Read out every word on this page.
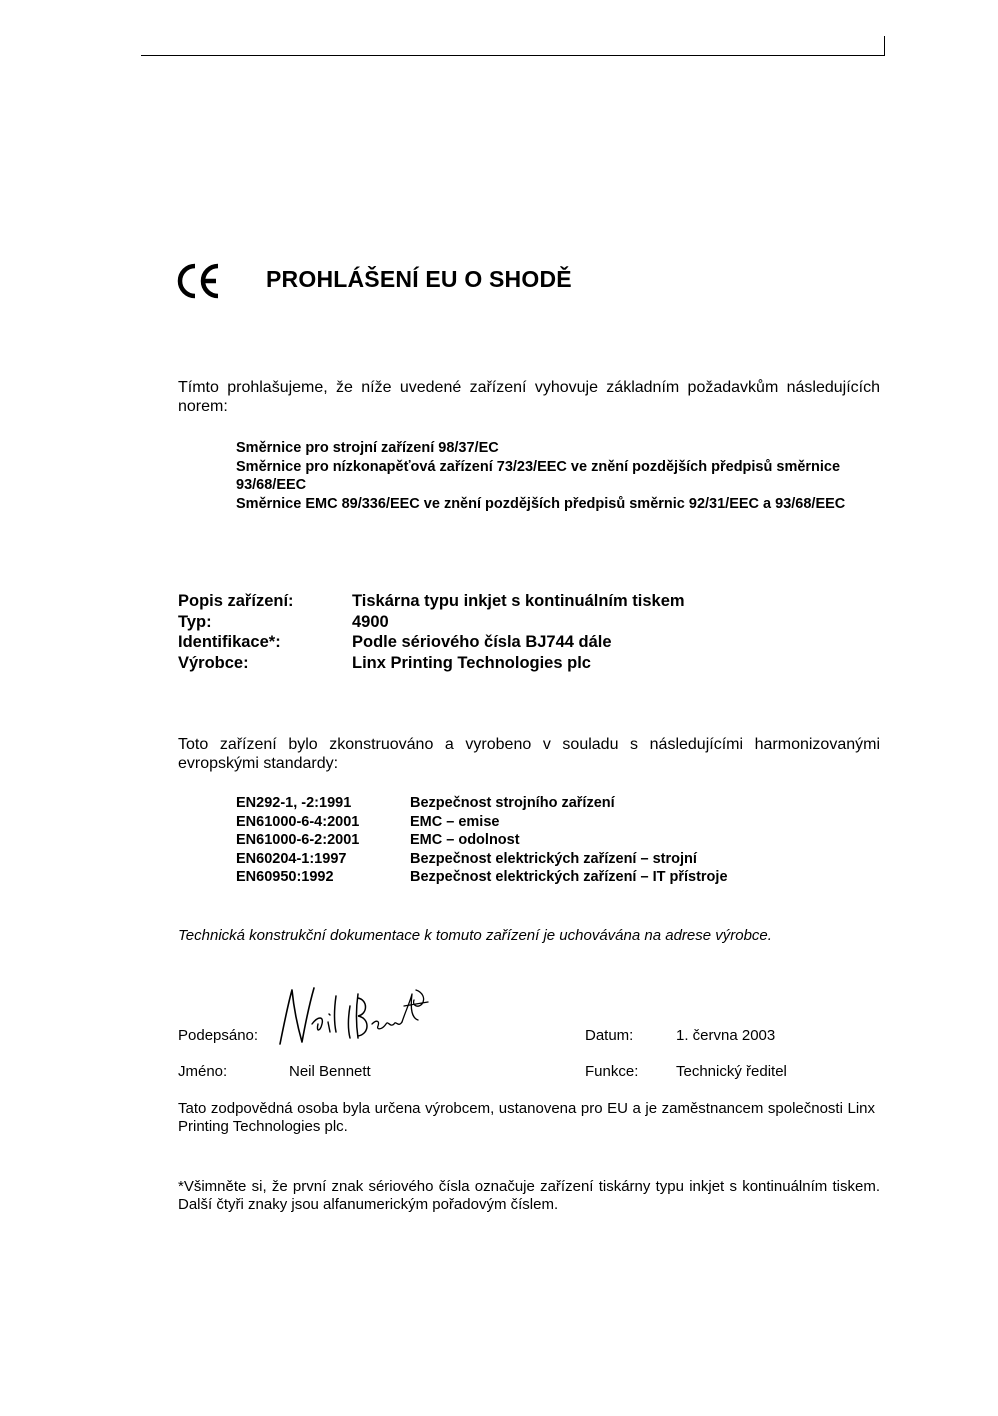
PROHLÁŠENÍ EU O SHODĚ
Tímto prohlašujeme, že níže uvedené zařízení vyhovuje základním požadavkům následujících norem:
Směrnice pro strojní zařízení 98/37/EC
Směrnice pro nízkonapěťová zařízení 73/23/EEC ve znění pozdějších předpisů směrnice 93/68/EEC
Směrnice EMC 89/336/EEC ve znění pozdějších předpisů směrnic 92/31/EEC a 93/68/EEC
Popis zařízení:	Tiskárna typu inkjet s kontinuálním tiskem
Typ:	4900
Identifikace*:	Podle sériového čísla BJ744 dále
Výrobce:	Linx Printing Technologies plc
Toto zařízení bylo zkonstruováno a vyrobeno v souladu s následujícími harmonizovanými evropskými standardy:
EN292-1, -2:1991	Bezpečnost strojního zařízení
EN61000-6-4:2001	EMC – emise
EN61000-6-2:2001	EMC – odolnost
EN60204-1:1997	Bezpečnost elektrických zařízení – strojní
EN60950:1992	Bezpečnost elektrických zařízení – IT přístroje
Technická konstrukční dokumentace k tomuto zařízení je uchovávána na adrese výrobce.
Podepsáno:	Datum:	1. června 2003
Jméno:	Neil Bennett	Funkce:	Technický ředitel
Tato zodpovědná osoba byla určena výrobcem, ustanovena pro EU a je zaměstnancem společnosti Linx Printing Technologies plc.
*Všimněte si, že první znak sériového čísla označuje zařízení tiskárny typu inkjet s kontinuálním tiskem. Další čtyři znaky jsou alfanumerickým pořadovým číslem.
